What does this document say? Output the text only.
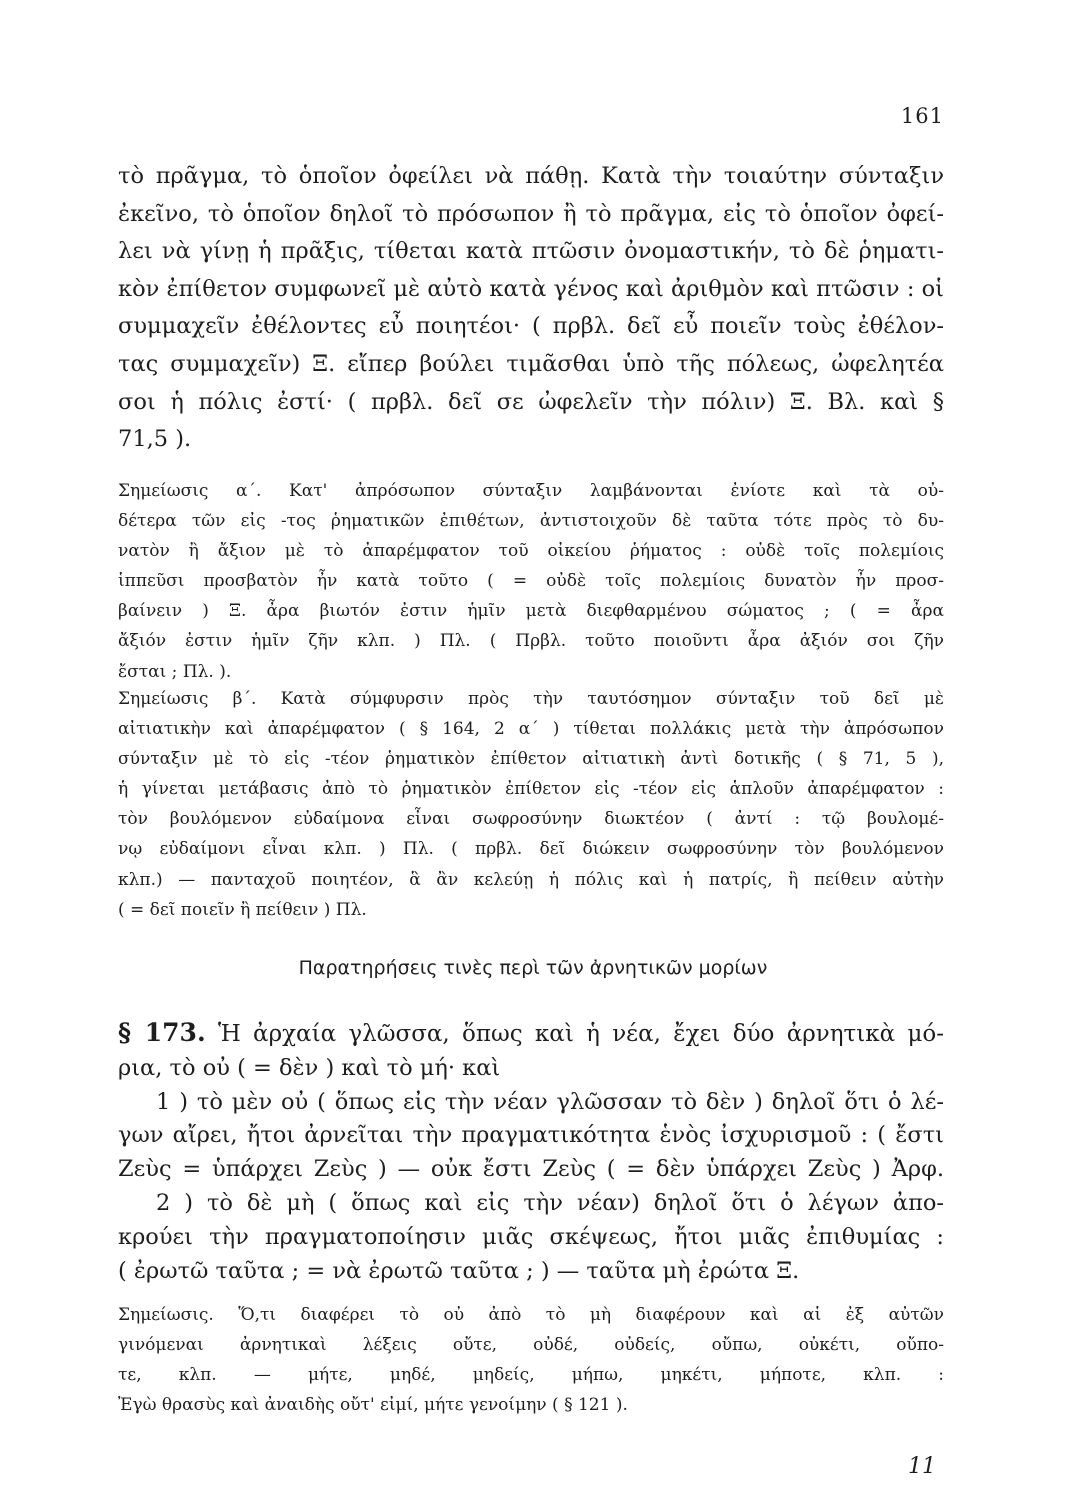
161
τὸ πρᾶγμα, τὸ ὁποῖον ὀφείλει νὰ πάθῃ. Κατὰ τὴν τοιαύτην σύνταξιν
ἐκεῖνο, τὸ ὁποῖον δηλοῖ τὸ πρόσωπον ἢ τὸ πρᾶγμα, εἰς τὸ ὁποῖον ὀφεί-
λει νὰ γίνῃ ἡ πρᾶξις, τίθεται κατὰ πτῶσιν ὀνομαστικήν, τὸ δὲ ῥηματι-
κὸν ἐπίθετον συμφωνεῖ μὲ αὐτὸ κατὰ γένος καὶ ἀριθμὸν καὶ πτῶσιν : οἱ
συμμαχεῖν ἐθέλοντες εὖ ποιητέοι· ( πρβλ. δεῖ εὖ ποιεῖν τοὺς ἐθέλον-
τας συμμαχεῖν) Ξ. εἴπερ βούλει τιμᾶσθαι ὑπὸ τῆς πόλεως, ὠφελητέα
σοι ἡ πόλις ἐστί· ( πρβλ. δεῖ σε ὠφελεῖν τὴν πόλιν) Ξ. Βλ. καὶ §
71,5 ).
Σημείωσις α΄. Κατ' ἀπρόσωπον σύνταξιν λαμβάνονται ἐνίοτε καὶ τὰ οὐ-
δέτερα τῶν εἰς -τος ῥηματικῶν ἐπιθέτων, ἀντιστοιχοῦν δὲ ταῦτα τότε πρὸς τὸ δυ-
νατὸν ἢ ἄξιον μὲ τὸ ἀπαρέμφατον τοῦ οἰκείου ῥήματος : οὐδὲ τοῖς πολεμίοις
ἱππεῦσι προσβατὸν ἦν κατὰ τοῦτο ( = οὐδὲ τοῖς πολεμίοις δυνατὸν ἦν προσ-
βαίνειν ) Ξ. ἆρα βιωτόν ἐστιν ἡμῖν μετὰ διεφθαρμένου σώματος ; ( = ἆρα
ἄξιόν ἐστιν ἡμῖν ζῆν κλπ. ) Πλ. ( Πρβλ. τοῦτο ποιοῦντι ἆρα ἀξιόν σοι ζῆν
ἔσται ; Πλ. ).
Σημείωσις β΄. Κατὰ σύμφυρσιν πρὸς τὴν ταυτόσημον σύνταξιν τοῦ δεῖ μὲ
αἰτιατικὴν καὶ ἀπαρέμφατον ( § 164, 2 α΄ ) τίθεται πολλάκις μετὰ τὴν ἀπρόσωπον
σύνταξιν μὲ τὸ εἰς -τέον ῥηματικὸν ἐπίθετον αἰτιατικὴ ἀντὶ δοτικῆς ( § 71, 5 ),
ἡ γίνεται μετάβασις ἀπὸ τὸ ῥηματικὸν ἐπίθετον εἰς -τέον εἰς ἁπλοῦν ἀπαρέμφατον :
τὸν βουλόμενον εὐδαίμονα εἶναι σωφροσύνην διωκτέον ( ἀντί : τῷ βουλομέ-
νῳ εὐδαίμονι εἶναι κλπ. ) Πλ. ( πρβλ. δεῖ διώκειν σωφροσύνην τὸν βουλόμενον
κλπ.) — πανταχοῦ ποιητέον, ἃ ἂν κελεύῃ ἡ πόλις καὶ ἡ πατρίς, ἢ πείθειν αὐτὴν
( = δεῖ ποιεῖν ἢ πείθειν ) Πλ.
Παρατηρήσεις τινὲς περὶ τῶν ἀρνητικῶν μορίων
§ 173. Ἡ ἀρχαία γλῶσσα, ὅπως καὶ ἡ νέα, ἔχει δύο ἀρνητικὰ μό-
ρια, τὸ οὐ ( = δὲν ) καὶ τὸ μή· καὶ
1 ) τὸ μὲν οὐ ( ὅπως εἰς τὴν νέαν γλῶσσαν τὸ δὲν ) δηλοῖ ὅτι ὁ λέ-
γων αἴρει, ἤτοι ἀρνεῖται τὴν πραγματικότητα ἑνὸς ἰσχυρισμοῦ : ( ἔστι
Ζεὺς = ὑπάρχει Ζεὺς ) — οὐκ ἔστι Ζεὺς ( = δὲν ὑπάρχει Ζεὺς ) Ἀρφ.
2 ) τὸ δὲ μὴ ( ὅπως καὶ εἰς τὴν νέαν) δηλοῖ ὅτι ὁ λέγων ἀπο-
κρούει τὴν πραγματοποίησιν μιᾶς σκέψεως, ἤτοι μιᾶς ἐπιθυμίας :
( ἐρωτῶ ταῦτα ; = νὰ ἐρωτῶ ταῦτα ; ) — ταῦτα μὴ ἐρώτα Ξ.
Σημείωσις. Ὅ,τι διαφέρει τὸ οὐ ἀπὸ τὸ μὴ διαφέρουν καὶ αἱ ἐξ αὐτῶν
γινόμεναι ἀρνητικαὶ λέξεις οὔτε, οὐδέ, οὐδείς, οὔπω, οὐκέτι, οὔπο-
τε, κλπ. — μήτε, μηδέ, μηδείς, μήπω, μηκέτι, μήποτε, κλπ. :
Ἐγὼ θρασὺς καὶ ἀναιδὴς οὔτ' εἰμί, μήτε γενοίμην ( § 121 ).
11
